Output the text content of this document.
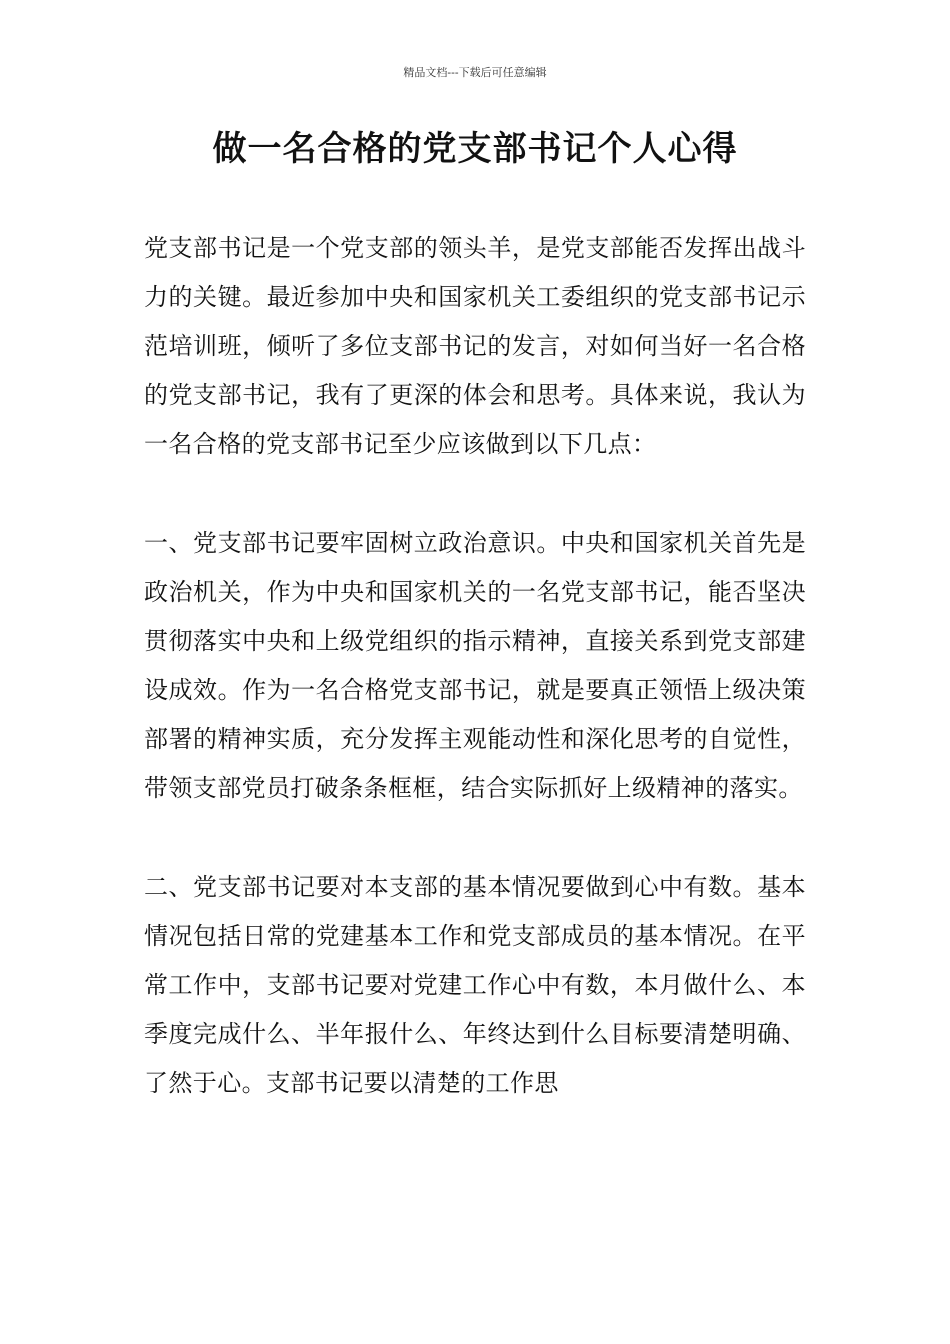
精品文档---下载后可任意编辑
做一名合格的党支部书记个人心得

党支部书记是一个党支部的领头羊，是党支部能否发挥出战斗力的关键。最近参加中央和国家机关工委组织的党支部书记示范培训班，倾听了多位支部书记的发言，对如何当好一名合格的党支部书记，我有了更深的体会和思考。具体来说，我认为一名合格的党支部书记至少应该做到以下几点：

一、党支部书记要牢固树立政治意识。中央和国家机关首先是政治机关，作为中央和国家机关的一名党支部书记，能否坚决贯彻落实中央和上级党组织的指示精神，直接关系到党支部建设成效。作为一名合格党支部书记，就是要真正领悟上级决策部署的精神实质，充分发挥主观能动性和深化思考的自觉性，带领支部党员打破条条框框，结合实际抓好上级精神的落实。

二、党支部书记要对本支部的基本情况要做到心中有数。基本情况包括日常的党建基本工作和党支部成员的基本情况。在平常工作中，支部书记要对党建工作心中有数，本月做什么、本季度完成什么、半年报什么、年终达到什么目标要清楚明确、了然于心。支部书记要以清楚的工作思
